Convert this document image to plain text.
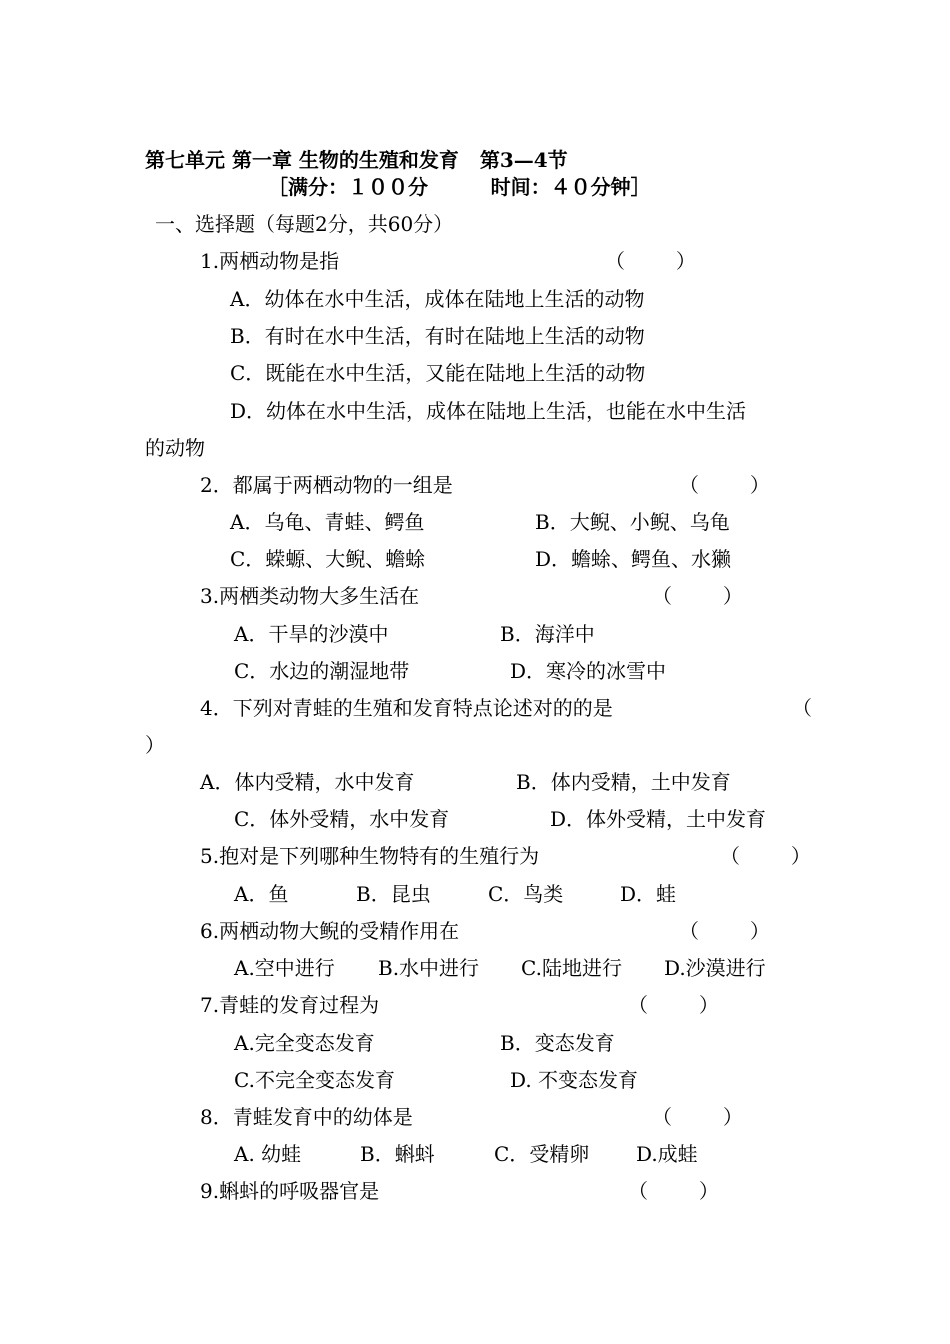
第七单元 第一章 生物的生殖和发育   第3—4节
［满分：１００分         时间：４０分钟］
一、选择题（每题2分，共60分）
1.两栖动物是指	（        ）
A．幼体在水中生活，成体在陆地上生活的动物
B．有时在水中生活，有时在陆地上生活的动物
C．既能在水中生活，又能在陆地上生活的动物
D．幼体在水中生活，成体在陆地上生活，也能在水中生活
的动物
2．都属于两栖动物的一组是	（        ）
A．乌龟、青蛙、鳄鱼	B．大鲵、小鲵、乌龟
C．蝾螈、大鲵、蟾蜍	D．蟾蜍、鳄鱼、水獭
3.两栖类动物大多生活在	（        ）
A．干旱的沙漠中	B．海洋中
C．水边的潮湿地带	D．寒冷的冰雪中
4．下列对青蛙的生殖和发育特点论述对的的是	（
）
A．体内受精，水中发育	B．体内受精，土中发育
C．体外受精，水中发育	D．体外受精，土中发育
5.抱对是下列哪种生物特有的生殖行为	（        ）
A．鱼	B．昆虫	C．鸟类	D．蛙
6.两栖动物大鲵的受精作用在	（        ）
A.空中进行 B.水中进行 C.陆地进行 D.沙漠进行
7.青蛙的发育过程为	（        ）
A.完全变态发育	B．变态发育
C.不完全变态发育	D. 不变态发育
8．青蛙发育中的幼体是	（        ）
A. 幼蛙	B．蝌蚪	C．受精卵 D.成蛙
9.蝌蚪的呼吸器官是	（        ）
